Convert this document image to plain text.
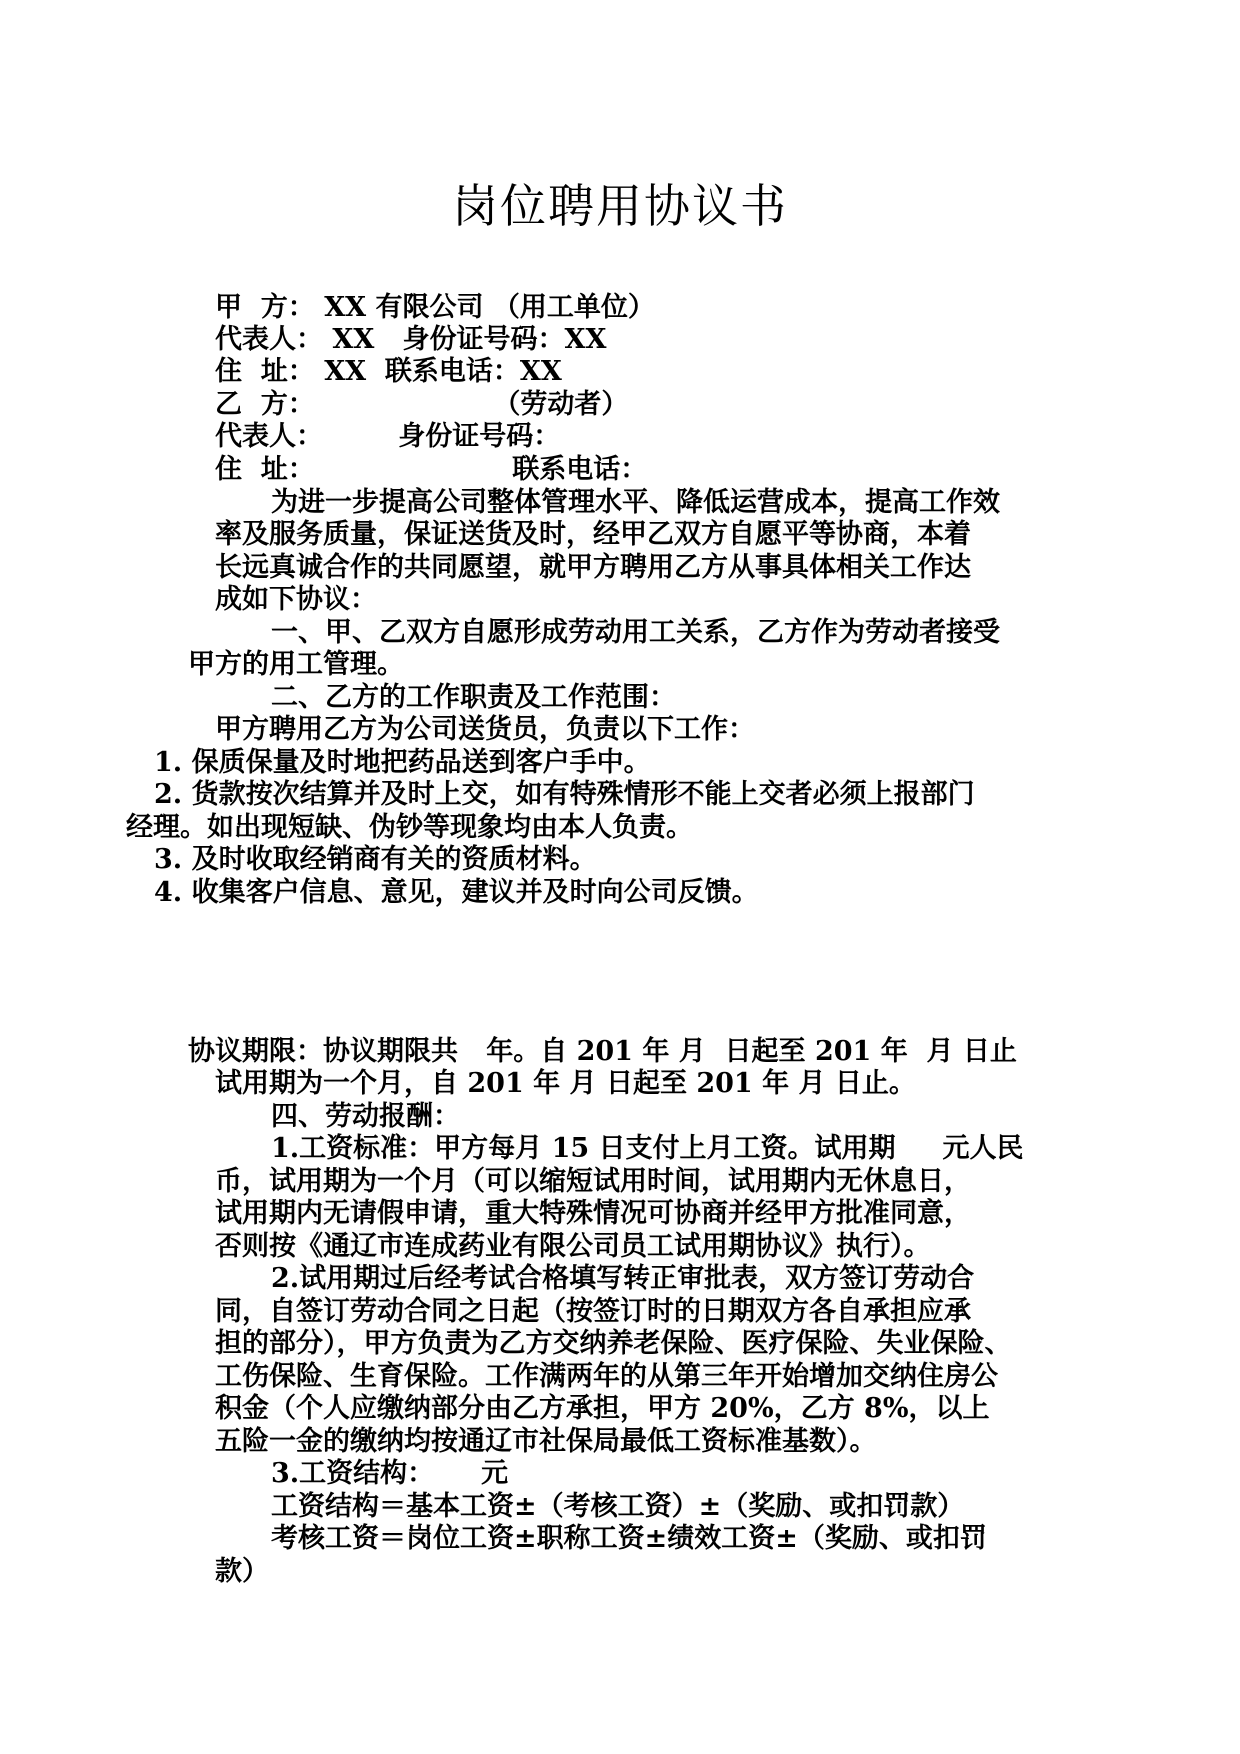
岗位聘用协议书
甲  方： XX 有限公司 （用工单位）
代表人： XX   身份证号码：XX
住  址： XX  联系电话：XX
乙  方：                   （劳动者）
代表人：        身份证号码：
住  址：                     联系电话：
为进一步提高公司整体管理水平、降低运营成本，提高工作效
率及服务质量，保证送货及时，经甲乙双方自愿平等协商，本着
长远真诚合作的共同愿望，就甲方聘用乙方从事具体相关工作达
成如下协议：
一、甲、乙双方自愿形成劳动用工关系，乙方作为劳动者接受
甲方的用工管理。
二、乙方的工作职责及工作范围：
甲方聘用乙方为公司送货员，负责以下工作：
1. 保质保量及时地把药品送到客户手中。
2. 货款按次结算并及时上交，如有特殊情形不能上交者必须上报部门
经理。如出现短缺、伪钞等现象均由本人负责。
3. 及时收取经销商有关的资质材料。
4. 收集客户信息、意见，建议并及时向公司反馈。
协议期限：协议期限共   年。自 201 年 月  日起至 201 年  月 日止
试用期为一个月，自 201 年 月 日起至 201 年 月 日止。
四、劳动报酬：
1.工资标准：甲方每月 15 日支付上月工资。试用期     元人民
币，试用期为一个月（可以缩短试用时间，试用期内无休息日，
试用期内无请假申请，重大特殊情况可协商并经甲方批准同意，
否则按《通辽市连成药业有限公司员工试用期协议》执行）。
2.试用期过后经考试合格填写转正审批表，双方签订劳动合
同，自签订劳动合同之日起（按签订时的日期双方各自承担应承
担的部分），甲方负责为乙方交纳养老保险、医疗保险、失业保险、
工伤保险、生育保险。工作满两年的从第三年开始增加交纳住房公
积金（个人应缴纳部分由乙方承担，甲方 20%，乙方 8%，以上
五险一金的缴纳均按通辽市社保局最低工资标准基数）。
3.工资结构：     元
工资结构＝基本工资±（考核工资）±（奖励、或扣罚款）
考核工资＝岗位工资±职称工资±绩效工资±（奖励、或扣罚
款）
